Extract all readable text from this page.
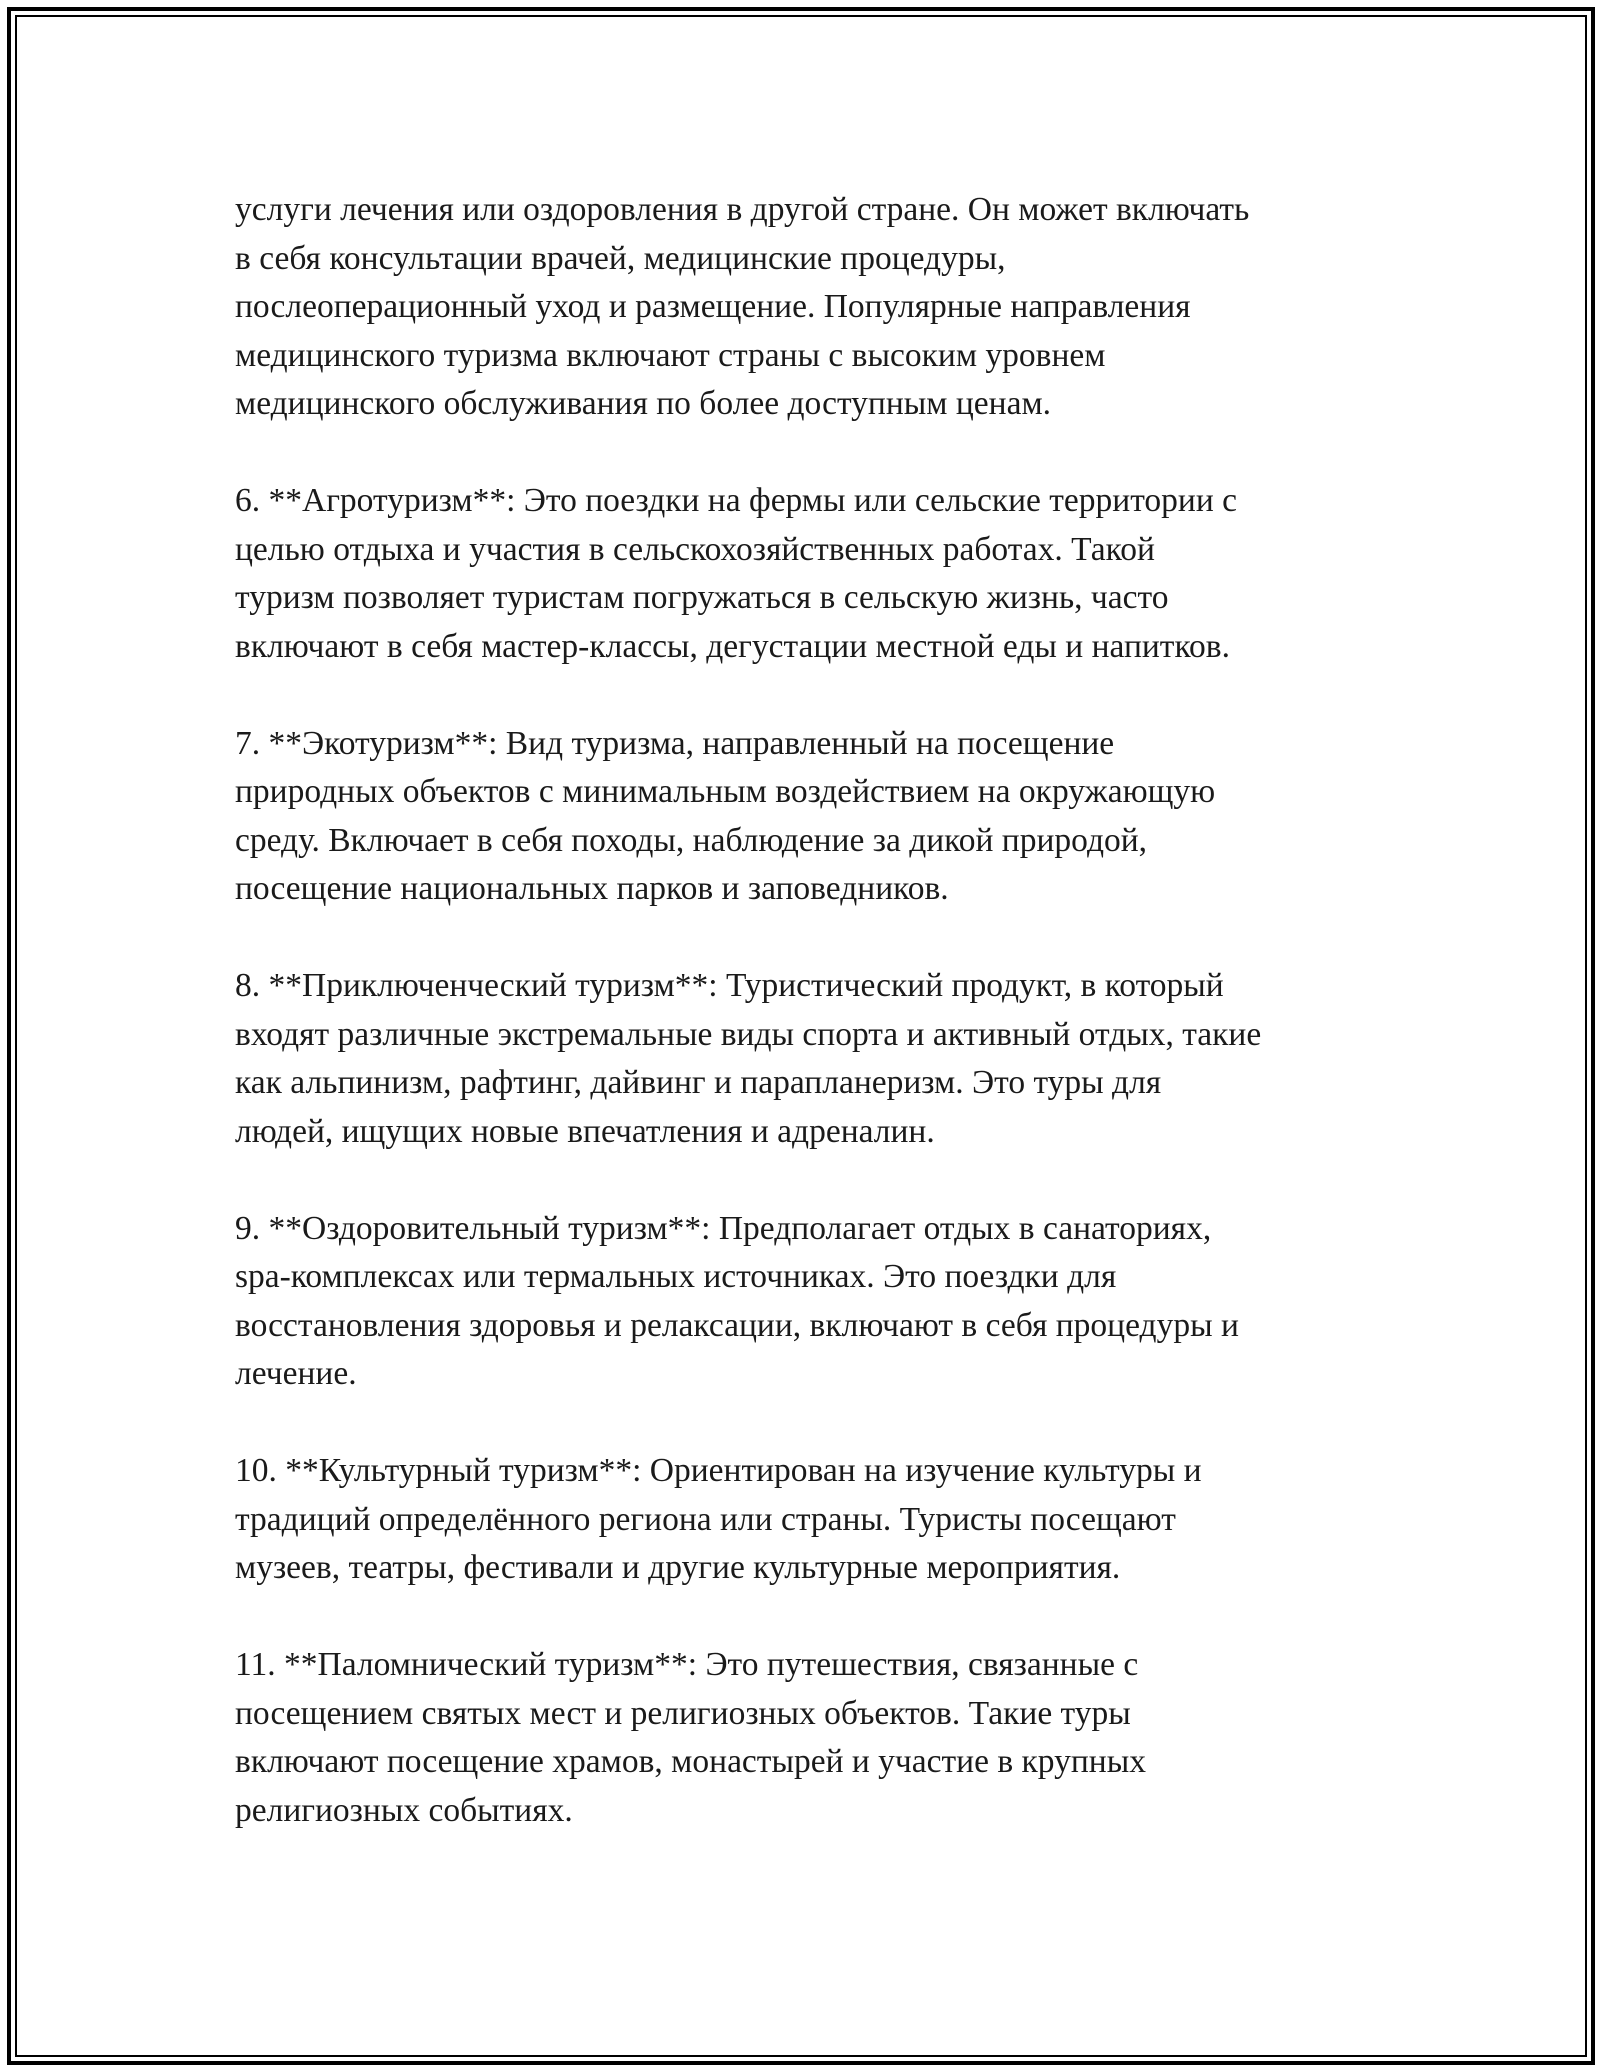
услуги лечения или оздоровления в другой стране. Он может включать
в себя консультации врачей, медицинские процедуры,
послеоперационный уход и размещение. Популярные направления
медицинского туризма включают страны с высоким уровнем
медицинского обслуживания по более доступным ценам.

6. **Агротуризм**: Это поездки на фермы или сельские территории с
целью отдыха и участия в сельскохозяйственных работах. Такой
туризм позволяет туристам погружаться в сельскую жизнь, часто
включают в себя мастер-классы, дегустации местной еды и напитков.

7. **Экотуризм**: Вид туризма, направленный на посещение
природных объектов с минимальным воздействием на окружающую
среду. Включает в себя походы, наблюдение за дикой природой,
посещение национальных парков и заповедников.

8. **Приключенческий туризм**: Туристический продукт, в который
входят различные экстремальные виды спорта и активный отдых, такие
как альпинизм, рафтинг, дайвинг и парапланеризм. Это туры для
людей, ищущих новые впечатления и адреналин.

9. **Оздоровительный туризм**: Предполагает отдых в санаториях,
spa-комплексах или термальных источниках. Это поездки для
восстановления здоровья и релаксации, включают в себя процедуры и
лечение.

10. **Культурный туризм**: Ориентирован на изучение культуры и
традиций определённого региона или страны. Туристы посещают
музеев, театры, фестивали и другие культурные мероприятия.

11. **Паломнический туризм**: Это путешествия, связанные с
посещением святых мест и религиозных объектов. Такие туры
включают посещение храмов, монастырей и участие в крупных
религиозных событиях.
